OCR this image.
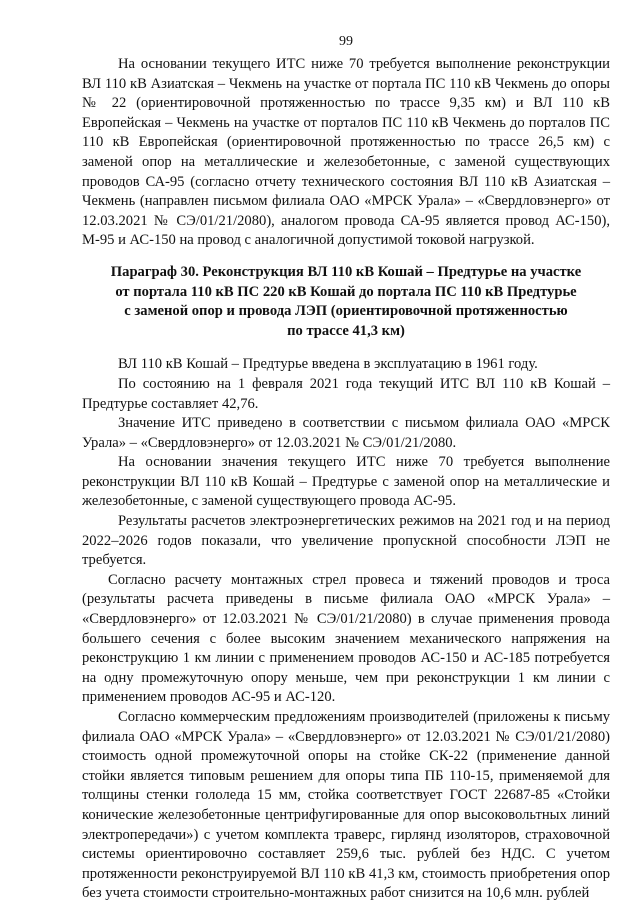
99

На основании текущего ИТС ниже 70 требуется выполнение реконструкции ВЛ 110 кВ Азиатская – Чекмень на участке от портала ПС 110 кВ Чекмень до опоры № 22 (ориентировочной протяженностью по трассе 9,35 км) и ВЛ 110 кВ Европейская – Чекмень на участке от порталов ПС 110 кВ Чекмень до порталов ПС 110 кВ Европейская (ориентировочной протяженностью по трассе 26,5 км) с заменой опор на металлические и железобетонные, с заменой существующих проводов СА-95 (согласно отчету технического состояния ВЛ 110 кВ Азиатская – Чекмень (направлен письмом филиала ОАО «МРСК Урала» – «Свердловэнерго» от 12.03.2021 № СЭ/01/21/2080), аналогом провода СА-95 является провод АС-150), М-95 и АС-150 на провод с аналогичной допустимой токовой нагрузкой.

Параграф 30. Реконструкция ВЛ 110 кВ Кошай – Предтурье на участке
от портала 110 кВ ПС 220 кВ Кошай до портала ПС 110 кВ Предтурье
с заменой опор и провода ЛЭП (ориентировочной протяженностью
по трассе 41,3 км)

ВЛ 110 кВ Кошай – Предтурье введена в эксплуатацию в 1961 году.

По состоянию на 1 февраля 2021 года текущий ИТС ВЛ 110 кВ Кошай – Предтурье составляет 42,76.

Значение ИТС приведено в соответствии с письмом филиала ОАО «МРСК Урала» – «Свердловэнерго» от 12.03.2021 № СЭ/01/21/2080.

На основании значения текущего ИТС ниже 70 требуется выполнение реконструкции ВЛ 110 кВ Кошай – Предтурье с заменой опор на металлические и железобетонные, с заменой существующего провода АС-95.

Результаты расчетов электроэнергетических режимов на 2021 год и на период 2022–2026 годов показали, что увеличение пропускной способности ЛЭП не требуется.

Согласно расчету монтажных стрел провеса и тяжений проводов и троса (результаты расчета приведены в письме филиала ОАО «МРСК Урала» – «Свердловэнерго» от 12.03.2021 № СЭ/01/21/2080) в случае применения провода большего сечения с более высоким значением механического напряжения на реконструкцию 1 км линии с применением проводов АС-150 и АС-185 потребуется на одну промежуточную опору меньше, чем при реконструкции 1 км линии с применением проводов АС-95 и АС-120.

Согласно коммерческим предложениям производителей (приложены к письму филиала ОАО «МРСК Урала» – «Свердловэнерго» от 12.03.2021 № СЭ/01/21/2080) стоимость одной промежуточной опоры на стойке СК-22 (применение данной стойки является типовым решением для опоры типа ПБ 110-15, применяемой для толщины стенки гололеда 15 мм, стойка соответствует ГОСТ 22687-85 «Стойки конические железобетонные центрифугированные для опор высоковольтных линий электропередачи») с учетом комплекта траверс, гирлянд изоляторов, страховочной системы ориентировочно составляет 259,6 тыс. рублей без НДС. С учетом протяженности реконструируемой ВЛ 110 кВ 41,3 км, стоимость приобретения опор без учета стоимости строительно-монтажных работ снизится на 10,6 млн. рублей
